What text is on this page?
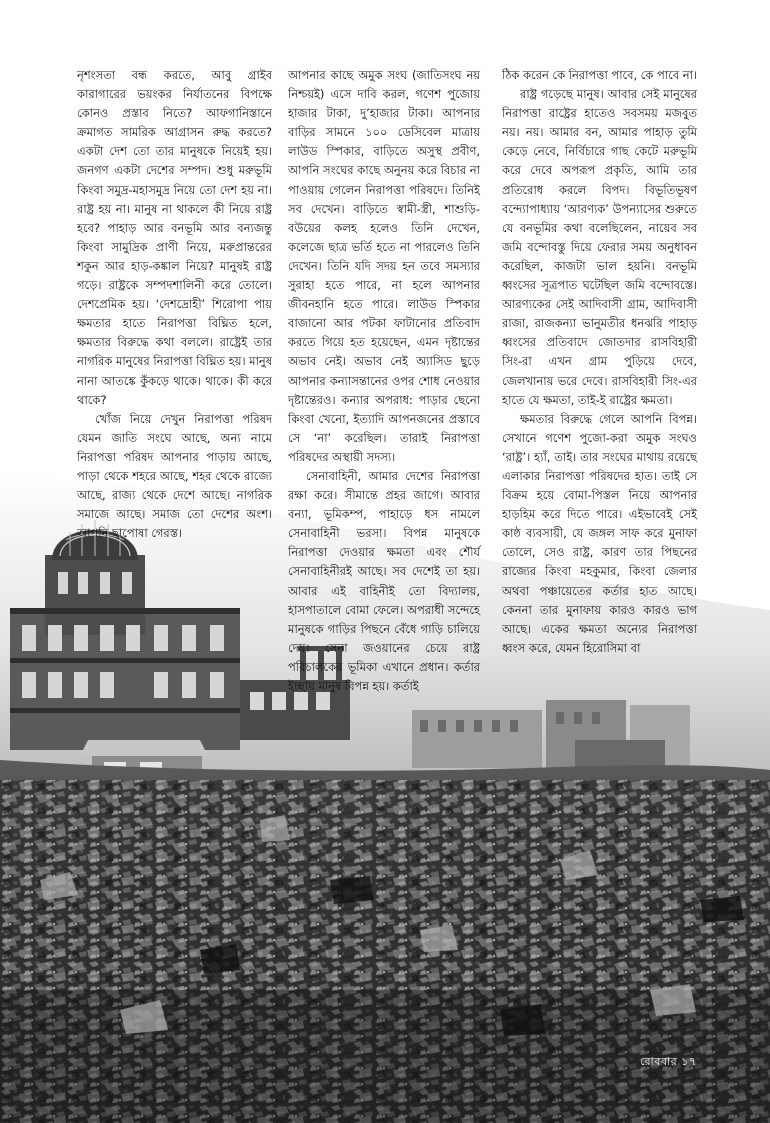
নৃশংসতা বন্ধ করতে, আবু গ্রাইব কারাগারের ভয়ংকর নির্যাতনের বিপক্ষে কোনও প্রস্তাব নিতে? আফগানিস্তানে ক্রমাগত সামরিক আগ্রাসন রুদ্ধ করতে? একটা দেশ তো তার মানুষকে নিয়েই হয়। জনগণ একটা দেশের সম্পদ। শুধু মরুভূমি কিংবা সমুদ্র-মহাসমুদ্র নিয়ে তো দেশ হয় না। রাষ্ট্র হয় না। মানুষ না থাকলে কী নিয়ে রাষ্ট্র হবে? পাহাড় আর বনভূমি আর বন্যজন্তু কিংবা সামুদ্রিক প্রাণী নিয়ে, মরুপ্রান্তরের শকুন আর হাড়-কঙ্কাল নিয়ে? মানুষই রাষ্ট্র গড়ে। রাষ্ট্রকে সম্পদশালিনী করে তোলে। দেশপ্রেমিক হয়। ‘দেশদ্রোহী’ শিরোপা পায় ক্ষমতার হাতে নিরাপত্তা বিঘ্নিত হলে, ক্ষমতার বিরুদ্ধে কথা বললে। রাষ্ট্রেই তার নাগরিক মানুষের নিরাপত্তা বিঘ্নিত হয়। মানুষ নানা আতঙ্কে কুঁকড়ে থাকে। থাকে। কী করে থাকে?

খোঁজ নিয়ে দেখুন নিরাপত্তা পরিষদ যেমন জাতি সংঘে আছে, অন্য নামে নিরাপত্তা পরিষদ আপনার পাড়ায় আছে, পাড়া থেকে শহরে আছে, শহর থেকে রাজ্যে আছে, রাজ্য থেকে দেশে আছে। নাগরিক সমাজে আছে। সমাজ তো দেশের অংশ। আপনি ছাপোষা গেরস্ত।

আপনার কাছে অমুক সংঘ (জাতিসংঘ নয় নিশ্চয়ই) এসে দাবি করল, গণেশ পুজোয় হাজার টাকা, দু’হাজার টাকা। আপনার বাড়ির সামনে ১০০ ডেসিবেল মাত্রায় লাউড স্পিকার, বাড়িতে অসুস্থ প্রবীণ, আপনি সংঘের কাছে অনুনয় করে বিচার না পাওয়ায় গেলেন নিরাপত্তা পরিষদে। তিনিই সব দেখেন। বাড়িতে স্বামী-স্ত্রী, শাশুড়ি-বউয়ের কলহ হলেও তিনি দেখেন, কলেজে ছাত্র ভর্তি হতে না পারলেও তিনি দেখেন। তিনি যদি সদয় হন তবে সমস্যার সুরাহা হতে পারে, না হলে আপনার জীবনহানি হতে পারে। লাউড স্পিকার বাজানো আর পটকা ফাটানোর প্রতিবাদ করতে গিয়ে হত হয়েছেন, এমন দৃষ্টান্তের অভাব নেই। অভাব নেই অ্যাসিড ছুড়ে আপনার কন্যাসন্তানের ওপর শোধ নেওয়ার দৃষ্টান্তেরও। কন্যার অপরাধ: পাড়ার ছেনো কিংবা খেনো, ইত্যাদি আপনজনের প্রস্তাবে সে ‘না’ করেছিল। তারাই নিরাপত্তা পরিষদের অস্থায়ী সদস্য।

সেনাবাহিনী, আমার দেশের নিরাপত্তা রক্ষা করে। সীমান্তে প্রহর জাগে। আবার বন্যা, ভূমিকম্প, পাহাড়ে ধস নামলে সেনাবাহিনী ভরসা। বিপন্ন মানুষকে নিরাপত্তা দেওয়ার ক্ষমতা এবং শৌর্য সেনাবাহিনীরই আছে। সব দেশেই তা হয়। আবার এই বাহিনীই তো বিদ্যালয়, হাসপাতালে বোমা ফেলে। অপরাধী সন্দেহে মানুষকে গাড়ির পিছনে বেঁধে গাড়ি চালিয়ে দেয়। সেনা জওয়ানের চেয়ে রাষ্ট্র পরিচালকের ভূমিকা এখানে প্রধান। কর্তার ইচ্ছায় মানুষ বিপন্ন হয়। কর্তাই

ঠিক করেন কে নিরাপত্তা পাবে, কে পাবে না।

রাষ্ট্র গড়েছে মানুষ। আবার সেই মানুষের নিরাপত্তা রাষ্ট্রের হাতেও সবসময় মজবুত নয়। নয়। আমার বন, আমার পাহাড় তুমি কেড়ে নেবে, নির্বিচারে গাছ কেটে মরুভূমি করে দেবে অপরূপ প্রকৃতি, আমি তার প্রতিরোধ করলে বিপদ। বিভূতিভূষণ বন্দ্যোপাধ্যায় ‘আরণ্যক’ উপন্যাসের শুরুতে যে বনভূমির কথা বলেছিলেন, নায়েব সব জমি বন্দোবস্তু দিয়ে ফেরার সময় অনুধাবন করেছিল, কাজটা ভাল হয়নি। বনভূমি ধ্বংসের সূত্রপাত ঘটেছিল জমি বন্দোবস্তে। আরণ্যকের সেই আদিবাসী গ্রাম, আদিবাসী রাজা, রাজকন্যা ভানুমতীর ধনঝরি পাহাড় ধ্বংসের প্রতিবাদে জোতদার রাসবিহারী সিং-রা এখন গ্রাম পুড়িয়ে দেবে, জেলখানায় ভরে দেবে। রাসবিহারী সিং-এর হাতে যে ক্ষমতা, তাই-ই রাষ্ট্রের ক্ষমতা।

ক্ষমতার বিরুদ্ধে গেলে আপনি বিপন্ন। সেখানে গণেশ পুজো-করা অমুক সংঘও ‘রাষ্ট্র’। হ্যাঁ, তাই। তার সংঘের মাথায় রয়েছে এলাকার নিরাপত্তা পরিষদের হাত। তাই সে বিক্রম হয়ে বোমা-পিস্তল নিয়ে আপনার হাড়হিম করে দিতে পারে। এইভাবেই সেই কাষ্ঠ ব্যবসায়ী, যে জঙ্গল সাফ করে মুনাফা তোলে, সেও রাষ্ট্র, কারণ তার পিছনের রাজ্যের কিংবা মহকুমার, কিংবা জেলার অথবা পঞ্চায়েতের কর্তার হাত আছে। কেননা তার মুনাফায় কারও কারও ভাগ আছে। একের ক্ষমতা অন্যের নিরাপত্তা ধ্বংস করে, যেমন হিরোসিমা বা

রোববার ১৭
